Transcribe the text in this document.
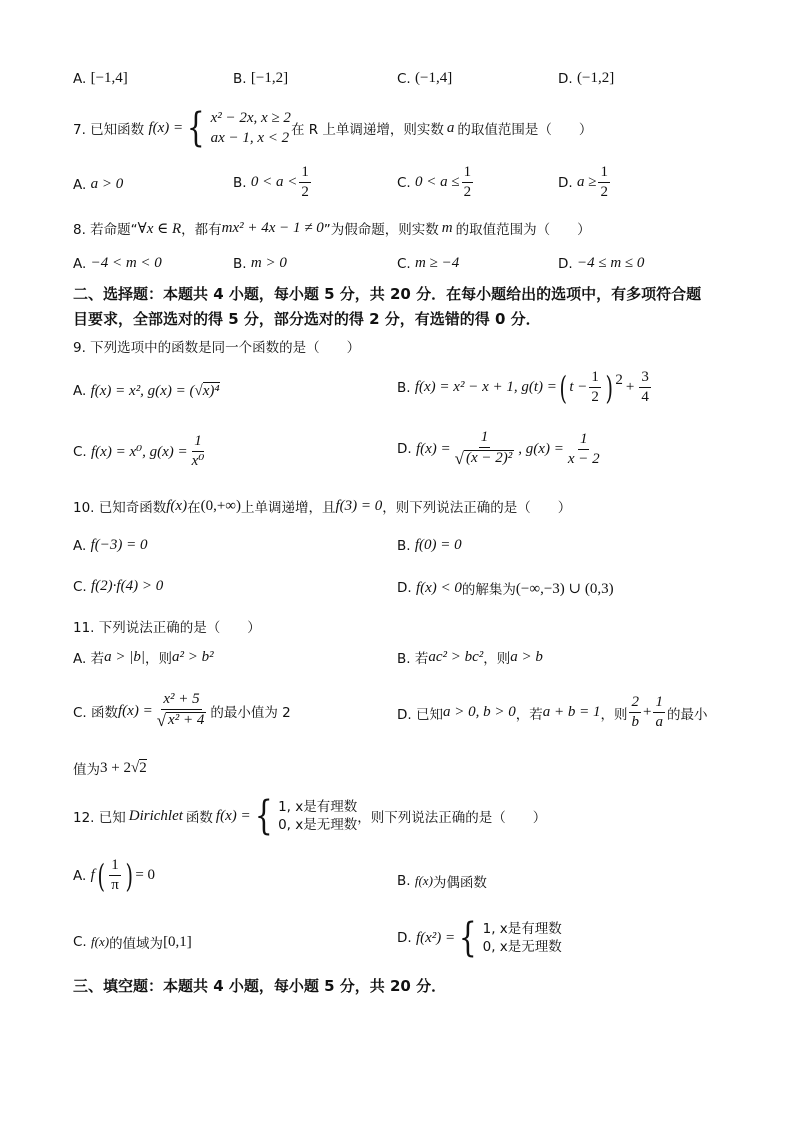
A.
[−1,4]	B.
[−1,2]	C.
(−1,4]	D.
(−1,2]
7. 已知函数
f(x) = { x² − 2x, x ≥ 2
ax − 1, x < 2 在 R 上单调递增，则实数 a 的取值范围是（　　）
A.
a > 0	B.
$0 < a < \frac{1}{2}$	C.
$0 < a \le \frac{1}{2}$	D.
$a \ge \frac{1}{2}$
8. 若命题“ ∀x ∈ R ，都有 mx² + 4x − 1 ≠ 0 ”为假命题，则实数 m 的取值范围为（　　）
A.
−4 < m < 0	B.
m > 0	C.
m ≥ −4	D.
−4 ≤ m ≤ 0
二、选择题：本题共 4 小题，每小题 5 分，共 20 分．在每小题给出的选项中，有多项符合题
目要求，全部选对的得 5 分，部分选对的得 2 分，有选错的得 0 分．
9. 下列选项中的函数是同一个函数的是（　　）
A.
f(x) = x², g(x) = (√ x)⁴	B.
f(x) = x² − x + 1, g(t) = ( $t - \frac{1}{2}$ ) $2 + \frac{3}{4}$
C.
f(x) = x⁰, $g(x) = \frac{1}{\text{x⁰}}$	D.
$f(x) = \frac{1}{\text{√ (x − 2)²}}$ , $g(x) = \frac{1}{x - 2}$
10. 已知奇函数 f(x) 在 (0,+∞) 上单调递增，且 f(3) = 0 ，则下列说法正确的是（　　）
A.
f(−3) = 0	B.
f(0) = 0
C.
f(2)·f(4) > 0	D.
f(x) < 0 的解集为 (−∞,−3) ∪ (0,3)
11. 下列说法正确的是（　　）
A. 若 a > |b| ，则 a² > b²	B. 若 ac² > bc² ，则 a > b
C. 函数 $f(x) = \frac{\text{x² + 5}}{\text{√ x² + 4}}$ 的最小值为 2	D. 已知 a > 0, b > 0 ，若 a + b = 1 ，则 $\frac{2}{b} + \frac{1}{a}$ 的最小
值为 3 + 2√ 2
12. 已知 Dirichlet 函数 f(x) = { 1, x是有理数
0, x是无理数 ，则下列说法正确的是（　　）
A.
f ( $\frac{1}{\pi}$ ) = 0	B.
f(x) 为偶函数
C.
f(x) 的值域为 [0,1]	D.
f(x²) = { 1, x是有理数
0, x是无理数
三、填空题：本题共 4 小题，每小题 5 分，共 20 分．
